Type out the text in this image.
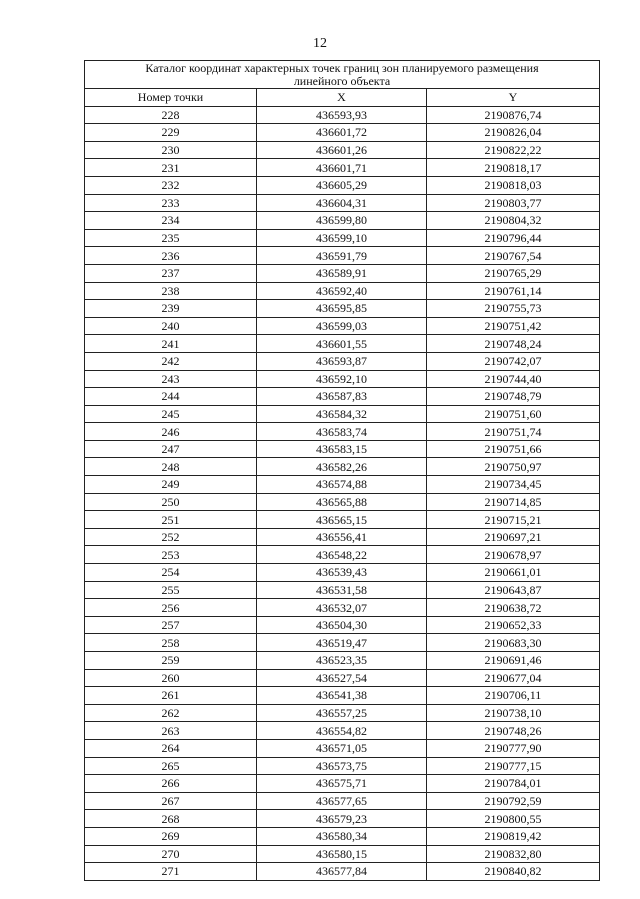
12
Каталог координат характерных точек границ зон планируемого размещения линейного объекта		
Номер точки	X	Y
228	436593,93	2190876,74
229	436601,72	2190826,04
230	436601,26	2190822,22
231	436601,71	2190818,17
232	436605,29	2190818,03
233	436604,31	2190803,77
234	436599,80	2190804,32
235	436599,10	2190796,44
236	436591,79	2190767,54
237	436589,91	2190765,29
238	436592,40	2190761,14
239	436595,85	2190755,73
240	436599,03	2190751,42
241	436601,55	2190748,24
242	436593,87	2190742,07
243	436592,10	2190744,40
244	436587,83	2190748,79
245	436584,32	2190751,60
246	436583,74	2190751,74
247	436583,15	2190751,66
248	436582,26	2190750,97
249	436574,88	2190734,45
250	436565,88	2190714,85
251	436565,15	2190715,21
252	436556,41	2190697,21
253	436548,22	2190678,97
254	436539,43	2190661,01
255	436531,58	2190643,87
256	436532,07	2190638,72
257	436504,30	2190652,33
258	436519,47	2190683,30
259	436523,35	2190691,46
260	436527,54	2190677,04
261	436541,38	2190706,11
262	436557,25	2190738,10
263	436554,82	2190748,26
264	436571,05	2190777,90
265	436573,75	2190777,15
266	436575,71	2190784,01
267	436577,65	2190792,59
268	436579,23	2190800,55
269	436580,34	2190819,42
270	436580,15	2190832,80
271	436577,84	2190840,82
